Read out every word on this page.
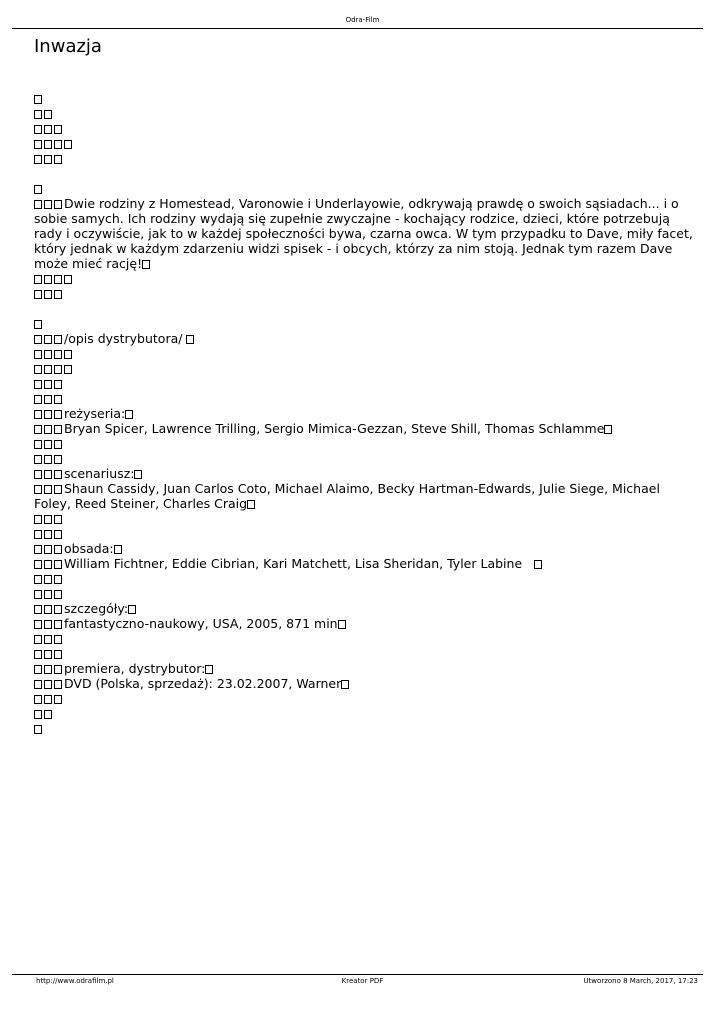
Odra-Film
Inwazja
Dwie rodziny z Homestead, Varonowie i Underlayowie, odkrywają prawdę o swoich sąsiadach... i o sobie samych. Ich rodziny wydają się zupełnie zwyczajne - kochający rodzice, dzieci, które potrzebują rady i oczywiście, jak to w każdej społeczności bywa, czarna owca. W tym przypadku to Dave, miły facet, który jednak w każdym zdarzeniu widzi spisek - i obcych, którzy za nim stoją. Jednak tym razem Dave może mieć rację!
/opis dystrybutora/
reżyseria:
Bryan Spicer, Lawrence Trilling, Sergio Mimica-Gezzan, Steve Shill, Thomas Schlamme
scenariusz:
Shaun Cassidy, Juan Carlos Coto, Michael Alaimo, Becky Hartman-Edwards, Julie Siege, Michael Foley, Reed Steiner, Charles Craig
obsada:
William Fichtner, Eddie Cibrian, Kari Matchett, Lisa Sheridan, Tyler Labine
szczegóły:
fantastyczno-naukowy, USA, 2005, 871 min
premiera, dystrybutor:
DVD (Polska, sprzedaż): 23.02.2007, Warner
Kreator PDF
http://www.odrafilm.pl	Utworzono 8 March, 2017, 17:23
